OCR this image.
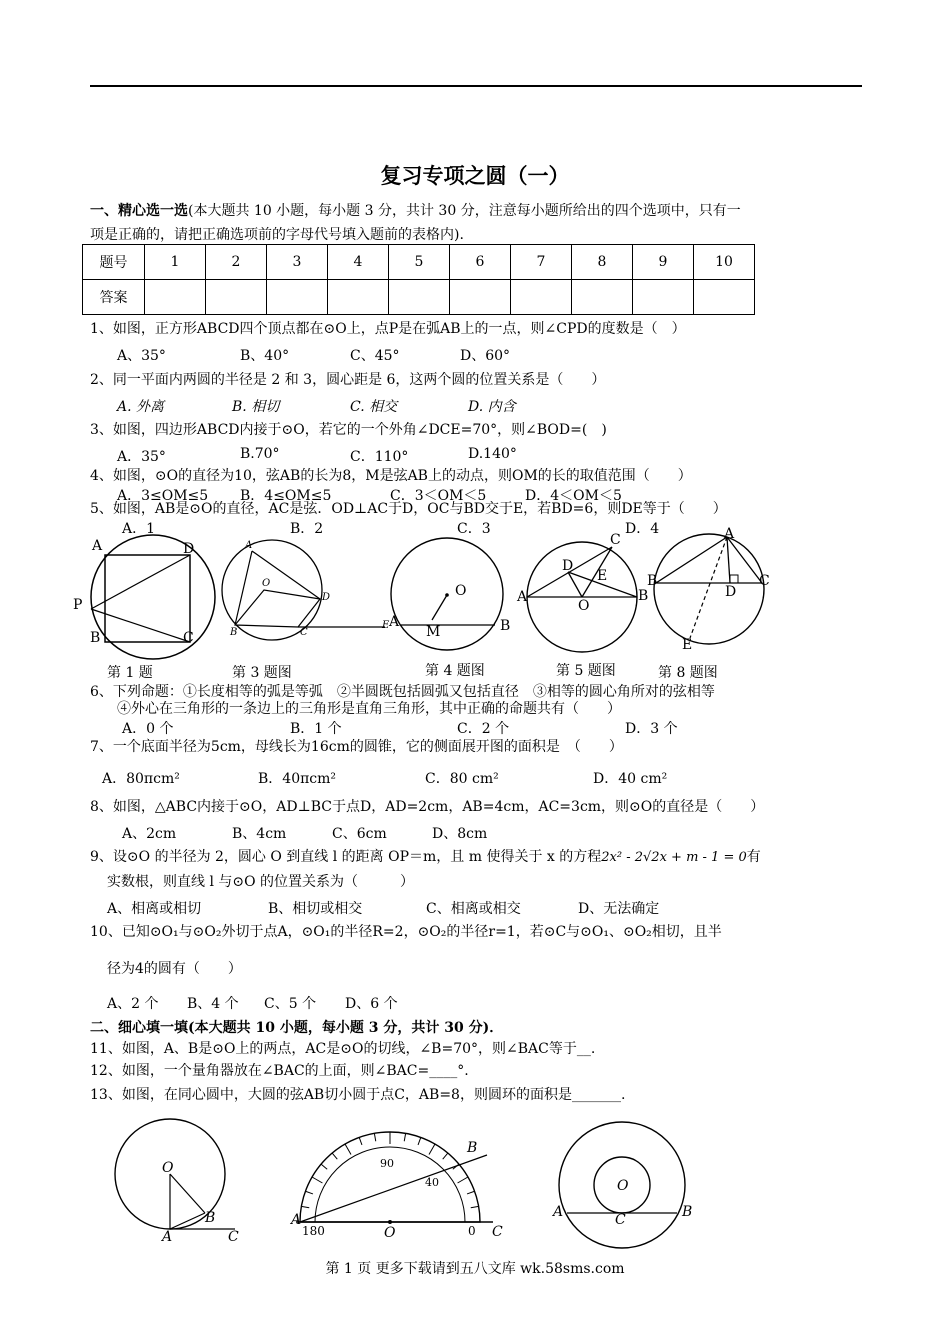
复习专项之圆（一）
一、精心选一选(本大题共 10 小题，每小题 3 分，共计 30 分，注意每小题所给出的四个选项中，只有一
项是正确的，请把正确选项前的字母代号填入题前的表格内).
题号	1	2	3	4	5	6	7	8	9	10
答案										
1、如图，正方形ABCD四个顶点都在⊙O上，点P是在弧AB上的一点，则∠CPD的度数是（　）
A、35°	B、40°	C、45°	D、60°
2、同一平面内两圆的半径是 2 和 3，圆心距是 6，这两个圆的位置关系是（　　）
A. 外离	B. 相切	C. 相交	D. 内含
3、如图，四边形ABCD内接于⊙O，若它的一个外角∠DCE=70°，则∠BOD=(　)
A．35°	B.70°	C．110°	D.140°
4、如图，⊙O的直径为10，弦AB的长为8，M是弦AB上的动点，则OM的长的取值范围（　　）
A．3≤OM≤5 B．4≤OM≤5	C．3＜OM＜5	D．4＜OM＜5
5、如图，AB是⊙O的直径，AC是弦．OD⊥AC于D，OC与BD交于E，若BD=6，则DE等于（　　）
A．1	B．2	C．3	D．4
A	D
P
B	C
第 1 题
A
O
D
B	C
E
第 3 题图
O
A
M	B
第 4 题图
C
D
E
A
O
B
第 5 题图
A
B
D
C
E
第 8 题图
6、下列命题：①长度相等的弧是等弧　②半圆既包括圆弧又包括直径　③相等的圆心角所对的弦相等
④外心在三角形的一条边上的三角形是直角三角形，其中正确的命题共有（　　）
A．0 个	B．1 个	C．2 个	D．3 个
7、一个底面半径为5cm，母线长为16cm的圆锥，它的侧面展开图的面积是　（　　）
A．80πcm²	B．40πcm²	C．80 cm²	D．40 cm²
8、如图，△ABC内接于⊙O，AD⊥BC于点D，AD=2cm，AB=4cm，AC=3cm，则⊙O的直径是（　　）
A、2cm	B、4cm	C、6cm	D、8cm
9、设⊙O 的半径为 2，圆心 O 到直线 l 的距离 OP＝m，且 m 使得关于 x 的方程2x² - 2√2x + m - 1 = 0有
实数根，则直线 l 与⊙O 的位置关系为（　　　）
A、相离或相切	B、相切或相交	C、相离或相交	D、无法确定
10、已知⊙O₁与⊙O₂外切于点A，⊙O₁的半径R=2，⊙O₂的半径r=1，若⊙C与⊙O₁、⊙O₂相切，且半
径为4的圆有（　　）
A、2 个 B、4 个 C、5 个 D、6 个
二、细心填一填(本大题共 10 小题，每小题 3 分，共计 30 分)．
11、如图，A、B是⊙O上的两点，AC是⊙O的切线，∠B=70°，则∠BAC等于__.
12、如图，一个量角器放在∠BAC的上面，则∠BAC=____°.
13、如图，在同心圆中，大圆的弦AB切小圆于点C，AB=8，则圆环的面积是_______.
O
B
A	C
B
90
40
A
180	O	0 C
O
A	C	B
第 1 页 更多下载请到五八文库 wk.58sms.com
